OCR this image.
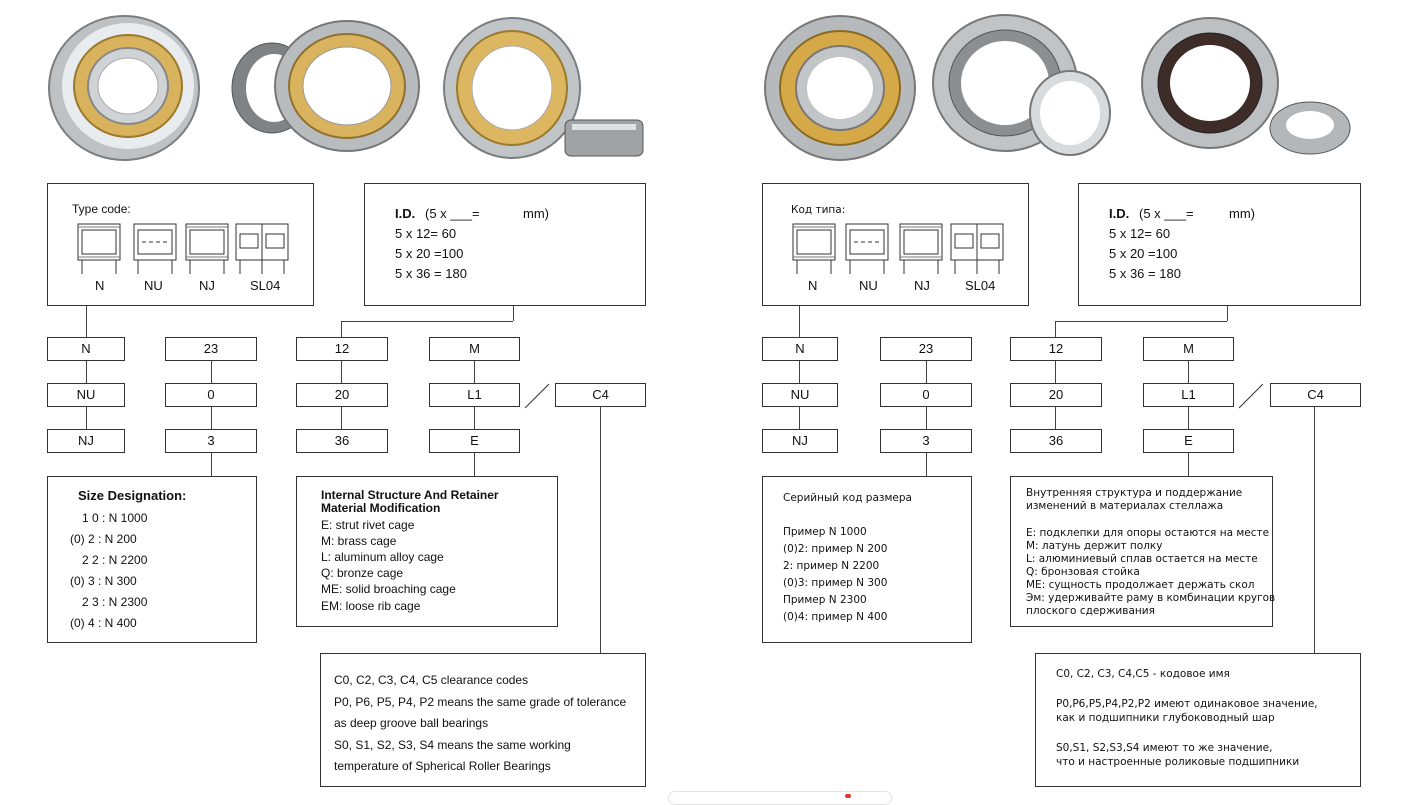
Type code:
N	NU	NJ	SL04
I.D. (5 x ___=	mm)
5 x 12= 60
5 x 20 =100
5 x 36 = 180
N
NU
NJ
23
0
3
12
20
36
M
L1
E
C4
Size Designation:
1 0 : N 1000
(0) 2 : N 200
2 2 : N 2200
(0) 3 : N 300
2 3 : N 2300
(0) 4 : N 400
Internal Structure And Retainer
Material Modification
E: strut rivet cage
M: brass cage
L: aluminum alloy cage
Q: bronze cage
ME: solid broaching cage
EM: loose rib cage
C0, C2, C3, C4, C5 clearance codes
P0, P6, P5, P4, P2 means the same grade of tolerance
as deep groove ball bearings
S0, S1, S2, S3, S4 means the same working
temperature of Spherical Roller Bearings
Код типа:
N	NU	NJ	SL04
I.D. (5 x ___=	mm)
5 x 12= 60
5 x 20 =100
5 x 36 = 180
N
NU
NJ
23
0
3
12
20
36
M
L1
E
C4
Серийный код размера
Пример N 1000
(0)2: пример N 200
2: пример N 2200
(0)3: пример N 300
Пример N 2300
(0)4: пример N 400
Внутренняя структура и поддержание
изменений в материалах стеллажа
E: подклепки для опоры остаются на месте
M: латунь держит полку
L: алюминиевый сплав остается на месте
Q: бронзовая стойка
ME: сущность продолжает держать скол
Эм: удерживайте раму в комбинации кругов
плоского сдерживания
C0, C2, C3, C4,C5 - кодовое имя
P0,P6,P5,P4,P2,P2 имеют одинаковое значение,
как и подшипники глубоководный шар
S0,S1, S2,S3,S4 имеют то же значение,
что и настроенные роликовые подшипники
